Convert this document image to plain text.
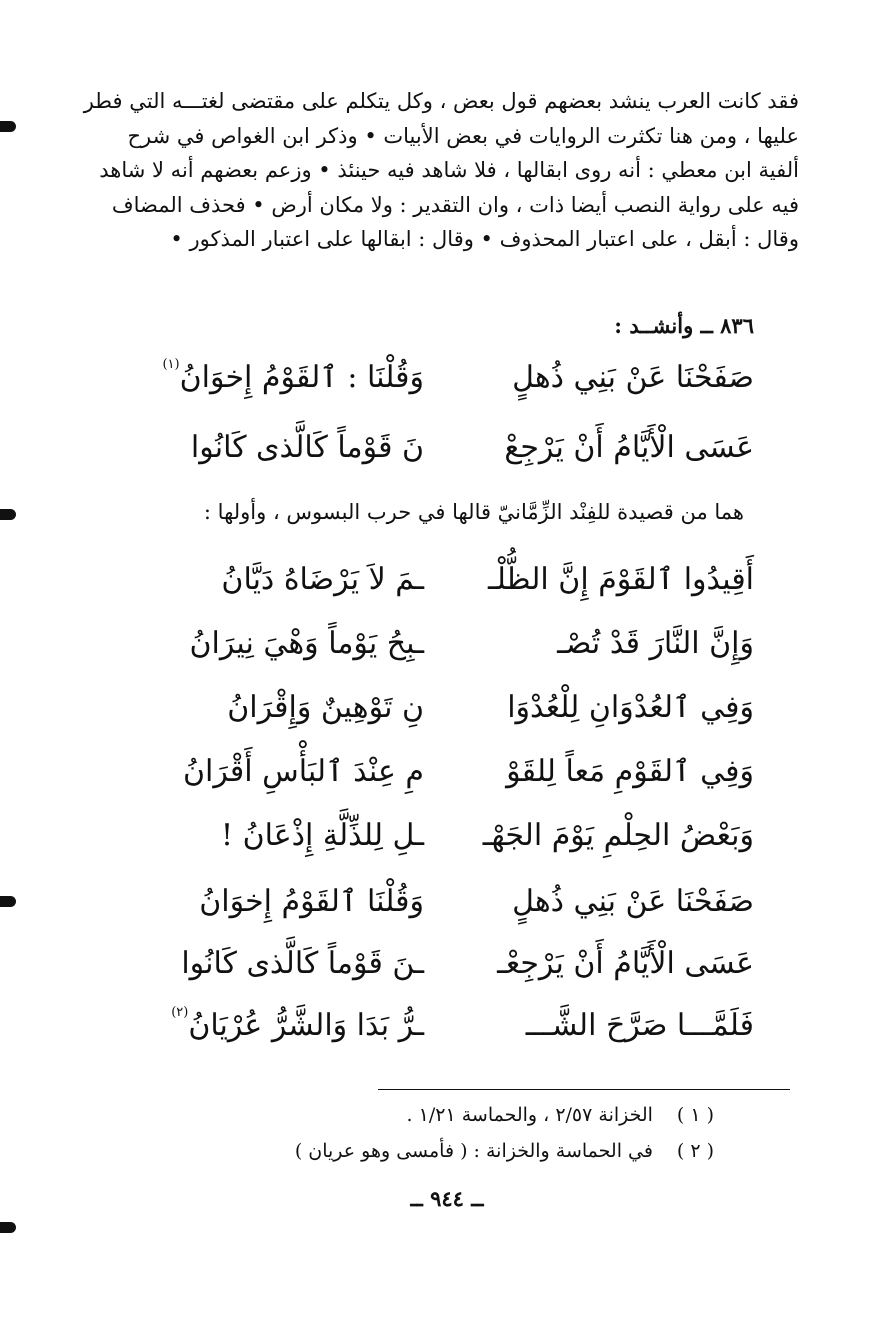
فقد كانت العرب ينشد بعضهم قول بعض ، وكل يتكلم على مقتضى لغتـــه التي فطر

عليها ، ومن هنا تكثرت الروايات في بعض الأبيات • وذكر ابن الغواص في شرح

ألفية ابن معطي : أنه روى ابقالها ، فلا شاهد فيه حينئذ • وزعم بعضهم أنه لا شاهد

فيه على رواية النصب أيضا ذات ، وان التقدير : ولا مكان أرض • فحذف المضاف

وقال : أبقل ، على اعتبار المحذوف • وقال : ابقالها على اعتبار المذكور •

٨٣٦ ــ وأنشــد :
صَفَحْنَا عَنْ بَنِي ذُهلٍ
وَقُلْنَا : ٱلقَوْمُ إِخوَانُ$^{(١)}$
عَسَى الْأَيَّامُ أَنْ يَرْجِعْ
نَ قَوْماً كَالَّذى كَانُوا
هما من قصيدة للفِنْد الزِّمَّانيّ قالها في حرب البسوس ، وأولها :
أَقِيدُوا ٱلقَوْمَ إِنَّ الظُّلْـ
ـمَ لاَ يَرْضَاهُ دَيَّانُ
وَإِنَّ النَّارَ قَدْ تُصْـ
ـبِحُ يَوْماً وَهْيَ نِيرَانُ
وَفِي ٱلعُدْوَانِ لِلْعُدْوَا
نِ تَوْهِينٌ وَإِقْرَانُ
وَفِي ٱلقَوْمِ مَعاً لِلقَوْ
مِ عِنْدَ ٱلبَأْسِ أَقْرَانُ
وَبَعْضُ الحِلْمِ يَوْمَ الجَهْـ
ـلِ لِلذِّلَّةِ إِذْعَانُ !
صَفَحْنَا عَنْ بَنِي ذُهلٍ
وَقُلْنَا ٱلقَوْمُ إِخوَانُ
عَسَى الْأَيَّامُ أَنْ يَرْجِعْـ
ـنَ قَوْماً كَالَّذى كَانُوا
فَلَمَّـــا صَرَّحَ الشَّـــ
ـرُّ بَدَا وَالشَّرُّ عُرْيَانُ$^{(٢)}$
( ١ ) الخزانة ٢/٥٧ ، والحماسة ١/٢١ .
( ٢ ) في الحماسة والخزانة : ( فأمسى وهو عريان )
ــ ٩٤٤ ــ
